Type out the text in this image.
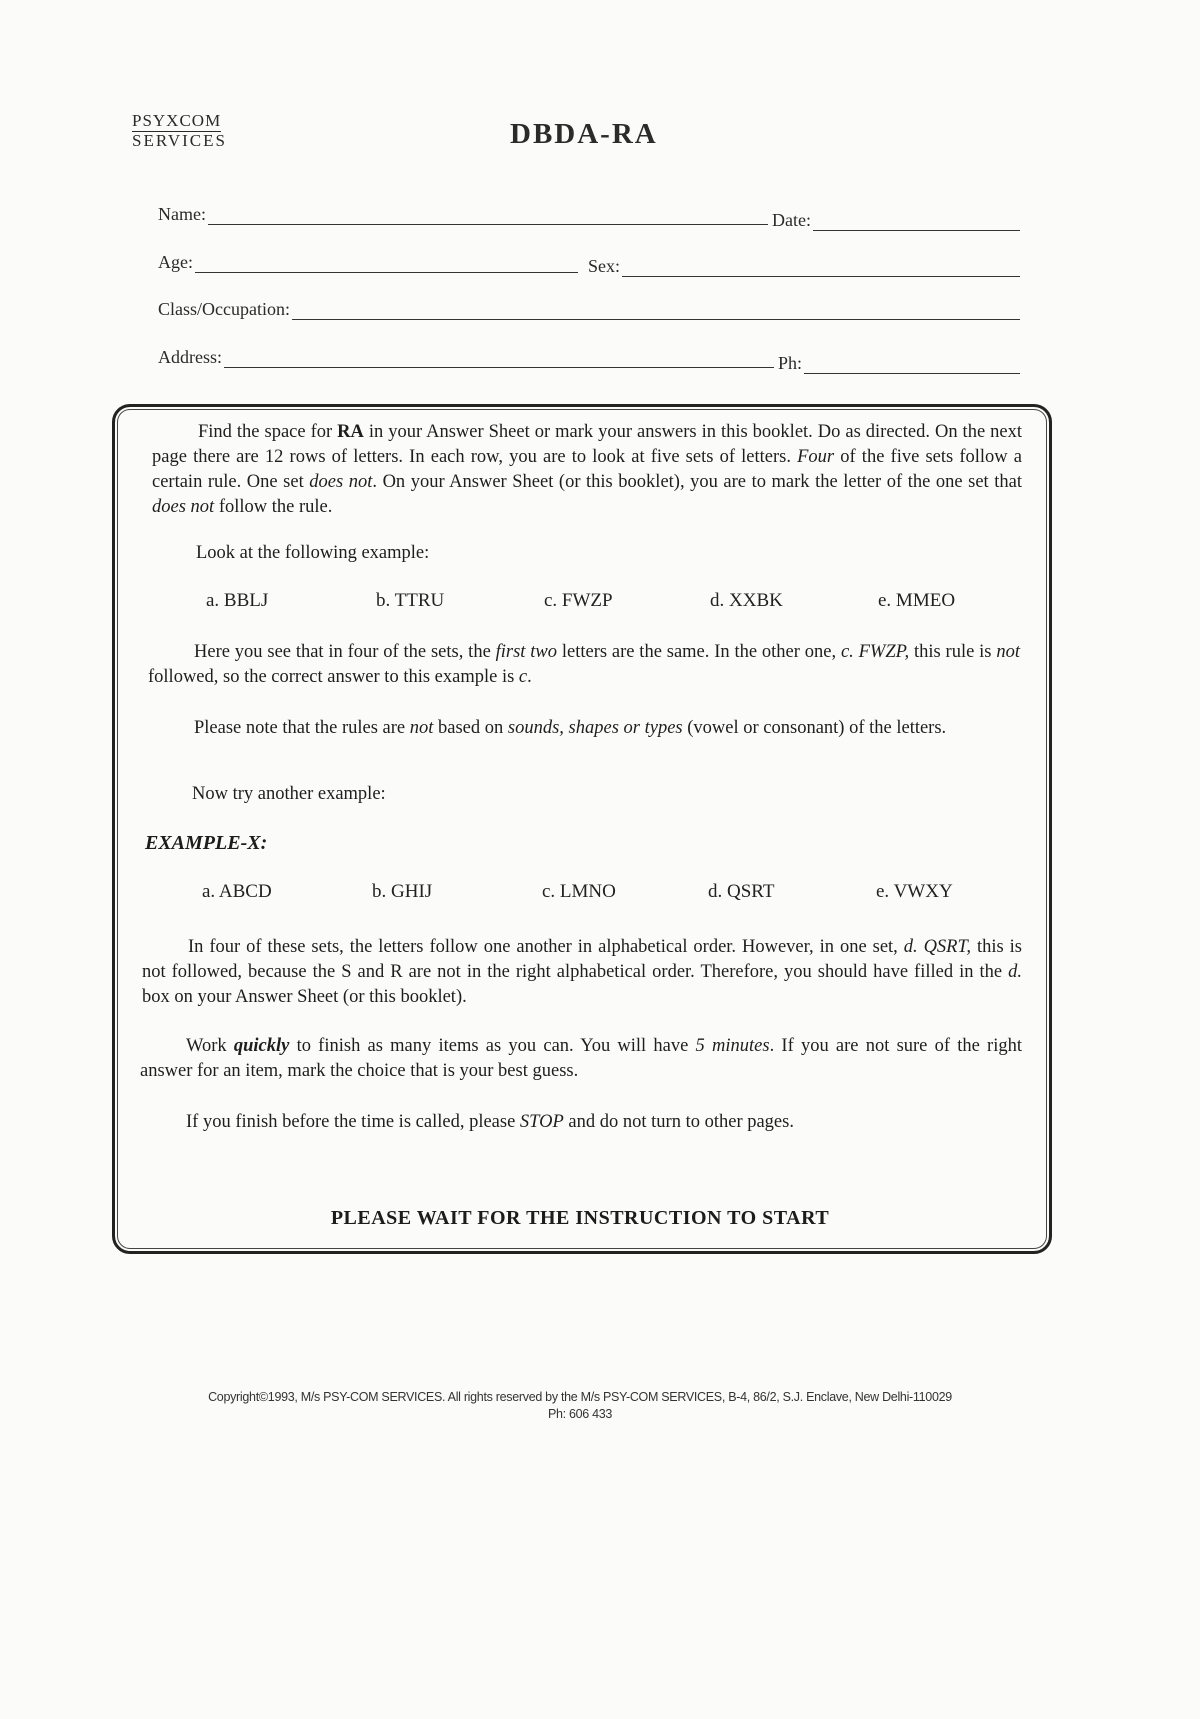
PSYXCOM
SERVICES	DBDA-RA
Name:	Date:
Age:	Sex:
Class/Occupation:
Address:	Ph:
Find the space for RA in your Answer Sheet or mark your answers in this booklet. Do as directed. On the next page there are 12 rows of letters. In each row, you are to look at five sets of letters. Four of the five sets follow a certain rule. One set does not. On your Answer Sheet (or this booklet), you are to mark the letter of the one set that does not follow the rule.
Look at the following example:
a. BBLJ	b. TTRU	c. FWZP	d. XXBK	e. MMEO
Here you see that in four of the sets, the first two letters are the same. In the other one, c. FWZP, this rule is not followed, so the correct answer to this example is c.
Please note that the rules are not based on sounds, shapes or types (vowel or consonant) of the letters.
Now try another example:
EXAMPLE-X:
a. ABCD	b. GHIJ	c. LMNO	d. QSRT	e. VWXY
In four of these sets, the letters follow one another in alphabetical order. However, in one set, d. QSRT, this is not followed, because the S and R are not in the right alphabetical order. Therefore, you should have filled in the d. box on your Answer Sheet (or this booklet).
Work quickly to finish as many items as you can. You will have 5 minutes. If you are not sure of the right answer for an item, mark the choice that is your best guess.
If you finish before the time is called, please STOP and do not turn to other pages.
PLEASE WAIT FOR THE INSTRUCTION TO START
Copyright©1993, M/s PSY-COM SERVICES. All rights reserved by the M/s PSY-COM SERVICES, B-4, 86/2, S.J. Enclave, New Delhi-110029
Ph: 606 433
